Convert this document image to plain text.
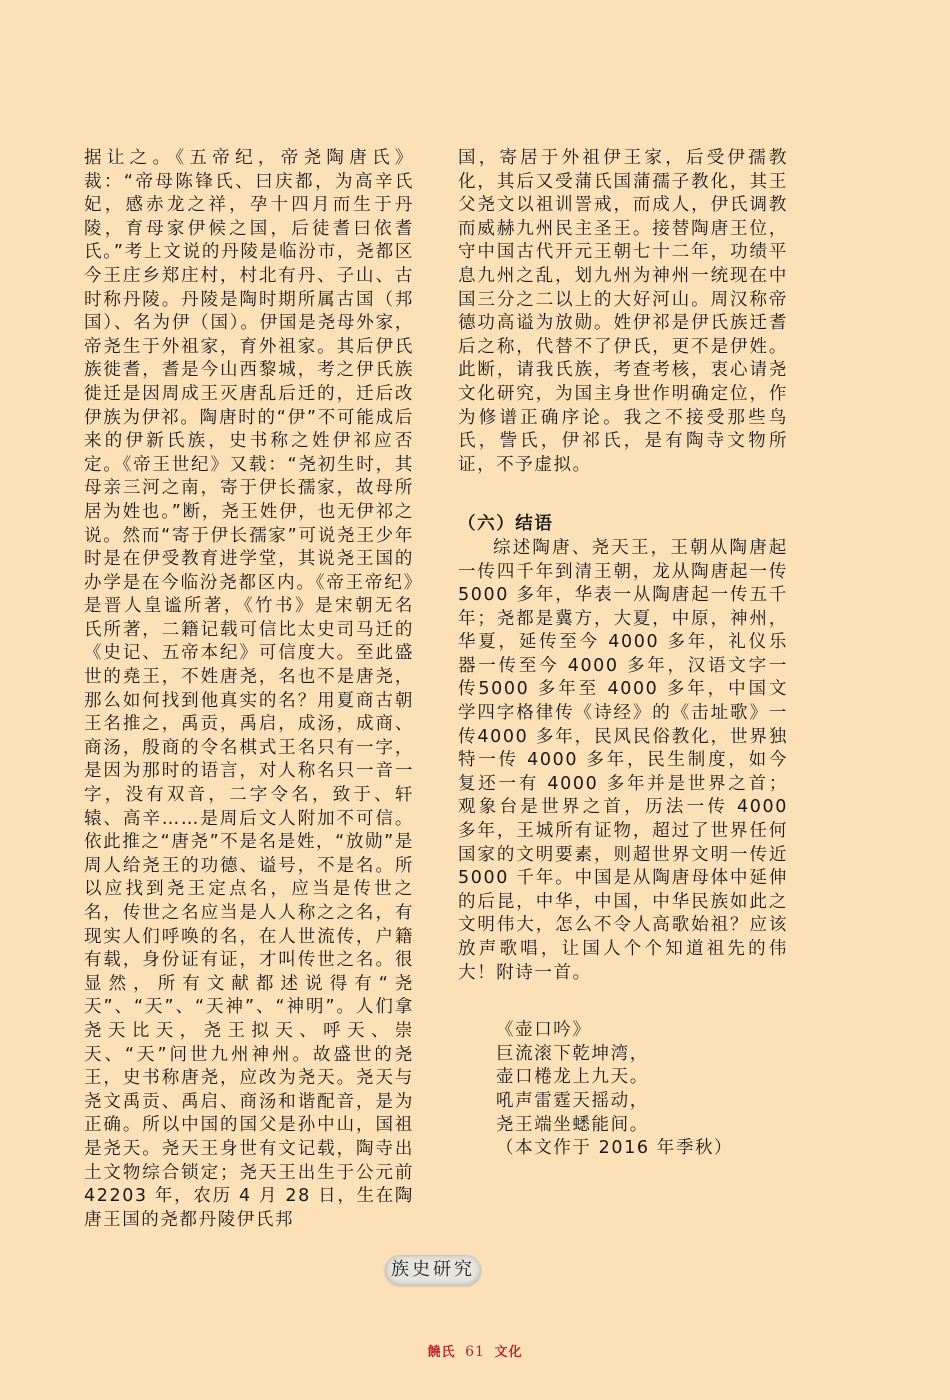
据让之。《五帝纪，帝尧陶唐氏》裁：“帝母陈锋氏、曰庆都，为高辛氏妃，感赤龙之祥，孕十四月而生于丹陵，育母家伊候之国，后徒耆曰依耆氏。”考上文说的丹陵是临汾市，尧都区今王庄乡郑庄村，村北有丹、子山、古时称丹陵。丹陵是陶时期所属古国（邦国）、名为伊（国）。伊国是尧母外家，帝尧生于外祖家，育外祖家。其后伊氏族徙耆，耆是今山西黎城，考之伊氏族徙迁是因周成王灭唐乱后迁的，迁后改伊族为伊祁。陶唐时的“伊”不可能成后来的伊新氏族，史书称之姓伊祁应否定。《帝王世纪》又载：“尧初生时，其母亲三河之南，寄于伊长孺家，故母所居为姓也。”断，尧王姓伊，也无伊祁之说。然而“寄于伊长孺家”可说尧王少年时是在伊受教育进学堂，其说尧王国的办学是在今临汾尧都区内。《帝王帝纪》是晋人皇谧所著，《竹书》是宋朝无名氏所著，二籍记载可信比太史司马迁的《史记、五帝本纪》可信度大。至此盛世的堯王，不姓唐尧，名也不是唐尧，那么如何找到他真实的名？用夏商古朝王名推之，禹贡，禹启，成汤，成商、商汤，殷商的令名棋式王名只有一字，是因为那时的语言，对人称名只一音一字，没有双音，二字令名，致于、轩辕、高辛……是周后文人附加不可信。依此推之“唐尧”不是名是姓，“放勋”是周人给尧王的功德、谥号，不是名。所以应找到尧王定点名，应当是传世之名，传世之名应当是人人称之之名，有现实人们呼唤的名，在人世流传，户籍有载，身份证有证，才叫传世之名。很显然，所有文献都述说得有“尧天”、“天”、“天神”、“神明”。人们拿尧天比天，尧王拟天、呼天、崇天、“天”问世九州神州。故盛世的尧王，史书称唐尧，应改为尧天。尧天与尧文禹贡、禹启、商汤和谐配音，是为正确。所以中国的国父是孙中山，国祖是尧天。尧天王身世有文记载，陶寺出土文物综合锁定；尧天王出生于公元前 42203 年，农历 4 月 28 日，生在陶唐王国的尧都丹陵伊氏邦

国，寄居于外祖伊王家，后受伊孺教化，其后又受蒲氏国蒲孺子教化，其王父尧文以祖训詈戒，而成人，伊氏调教而威赫九州民主圣王。接替陶唐王位，守中国古代开元王朝七十二年，功绩平息九州之乱，划九州为神州一统现在中国三分之二以上的大好河山。周汉称帝德功高谥为放勋。姓伊祁是伊氏族迁耆后之称，代替不了伊氏，更不是伊姓。此断，请我氏族，考查考核，衷心请尧文化研究，为国主身世作明确定位，作为修谱正确序论。我之不接受那些鸟氏，訾氏，伊祁氏，是有陶寺文物所证，不予虚拟。

（六）结语

综述陶唐、尧天王，王朝从陶唐起一传四千年到清王朝，龙从陶唐起一传5000 多年，华表一从陶唐起一传五千年；尧都是冀方，大夏，中原，神州，华夏，延传至今 4000 多年，礼仪乐器一传至今 4000 多年，汉语文字一传5000 多年至 4000 多年，中国文学四字格律传《诗经》的《击址歌》一传4000 多年，民风民俗教化，世界独特一传 4000 多年，民生制度，如今复还一有 4000 多年并是世界之首；观象台是世界之首，历法一传 4000 多年，王城所有证物，超过了世界任何国家的文明要素，则超世界文明一传近 5000 千年。中国是从陶唐母体中延伸的后昆，中华，中国，中华民族如此之文明伟大，怎么不令人高歌始祖？应该放声歌唱，让国人个个知道祖先的伟大！附诗一首。

《壶口吟》
巨流滚下乾坤湾，
壶口棬龙上九天。
吼声雷霆天摇动，
尧王端坐蟋能间。
（本文作于 2016 年季秋）
族史研究
饒氏 61 文化
